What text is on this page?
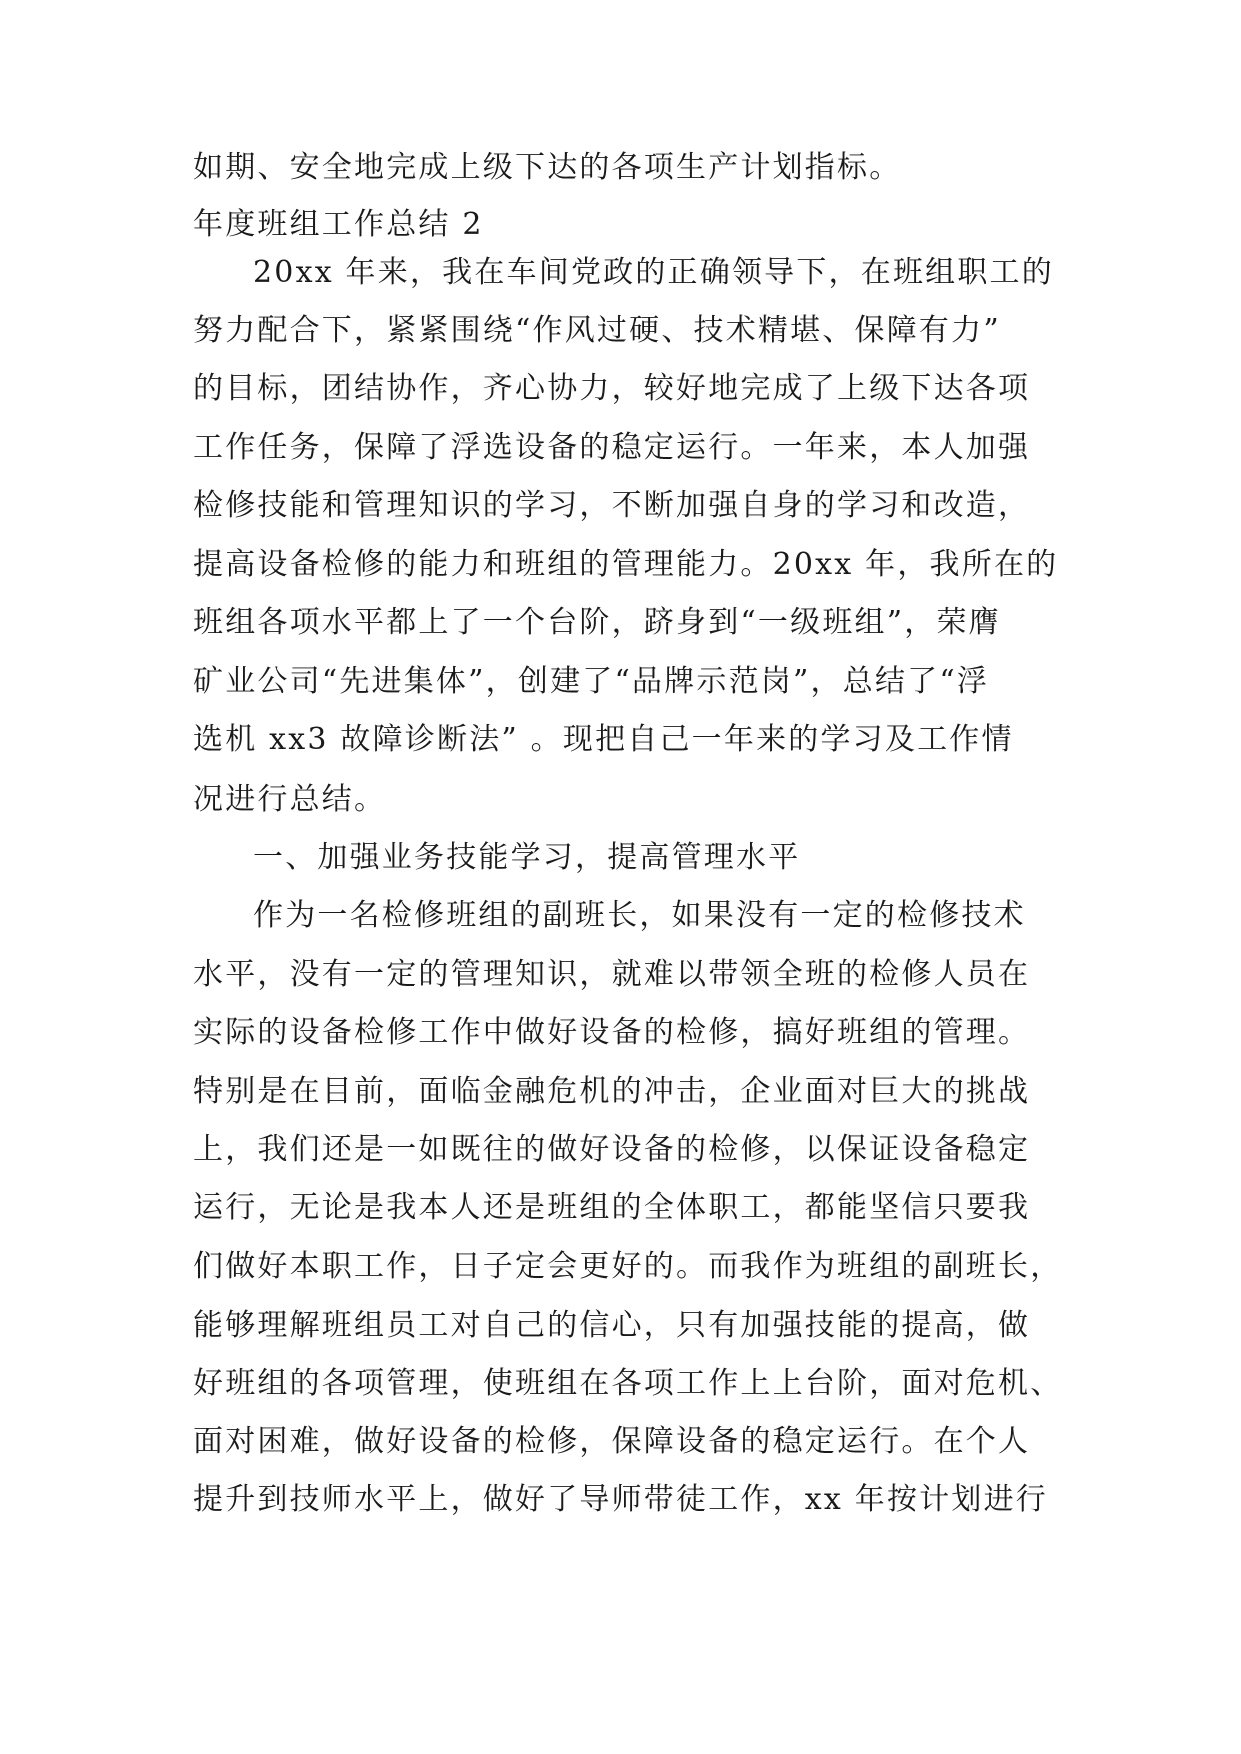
如期、安全地完成上级下达的各项生产计划指标。
年度班组工作总结 2
20xx 年来，我在车间党政的正确领导下，在班组职工的
努力配合下，紧紧围绕“作风过硬、技术精堪、保障有力”
的目标，团结协作，齐心协力，较好地完成了上级下达各项
工作任务，保障了浮选设备的稳定运行。一年来，本人加强
检修技能和管理知识的学习，不断加强自身的学习和改造，
提高设备检修的能力和班组的管理能力。20xx 年，我所在的
班组各项水平都上了一个台阶，跻身到“一级班组”，荣膺
矿业公司“先进集体”，创建了“品牌示范岗”，总结了“浮
选机 xx3 故障诊断法” 。现把自己一年来的学习及工作情
况进行总结。
一、加强业务技能学习，提高管理水平
作为一名检修班组的副班长，如果没有一定的检修技术
水平，没有一定的管理知识，就难以带领全班的检修人员在
实际的设备检修工作中做好设备的检修，搞好班组的管理。
特别是在目前，面临金融危机的冲击，企业面对巨大的挑战
上，我们还是一如既往的做好设备的检修，以保证设备稳定
运行，无论是我本人还是班组的全体职工，都能坚信只要我
们做好本职工作，日子定会更好的。而我作为班组的副班长，
能够理解班组员工对自己的信心，只有加强技能的提高，做
好班组的各项管理，使班组在各项工作上上台阶，面对危机、
面对困难，做好设备的检修，保障设备的稳定运行。在个人
提升到技师水平上，做好了导师带徒工作，xx 年按计划进行
